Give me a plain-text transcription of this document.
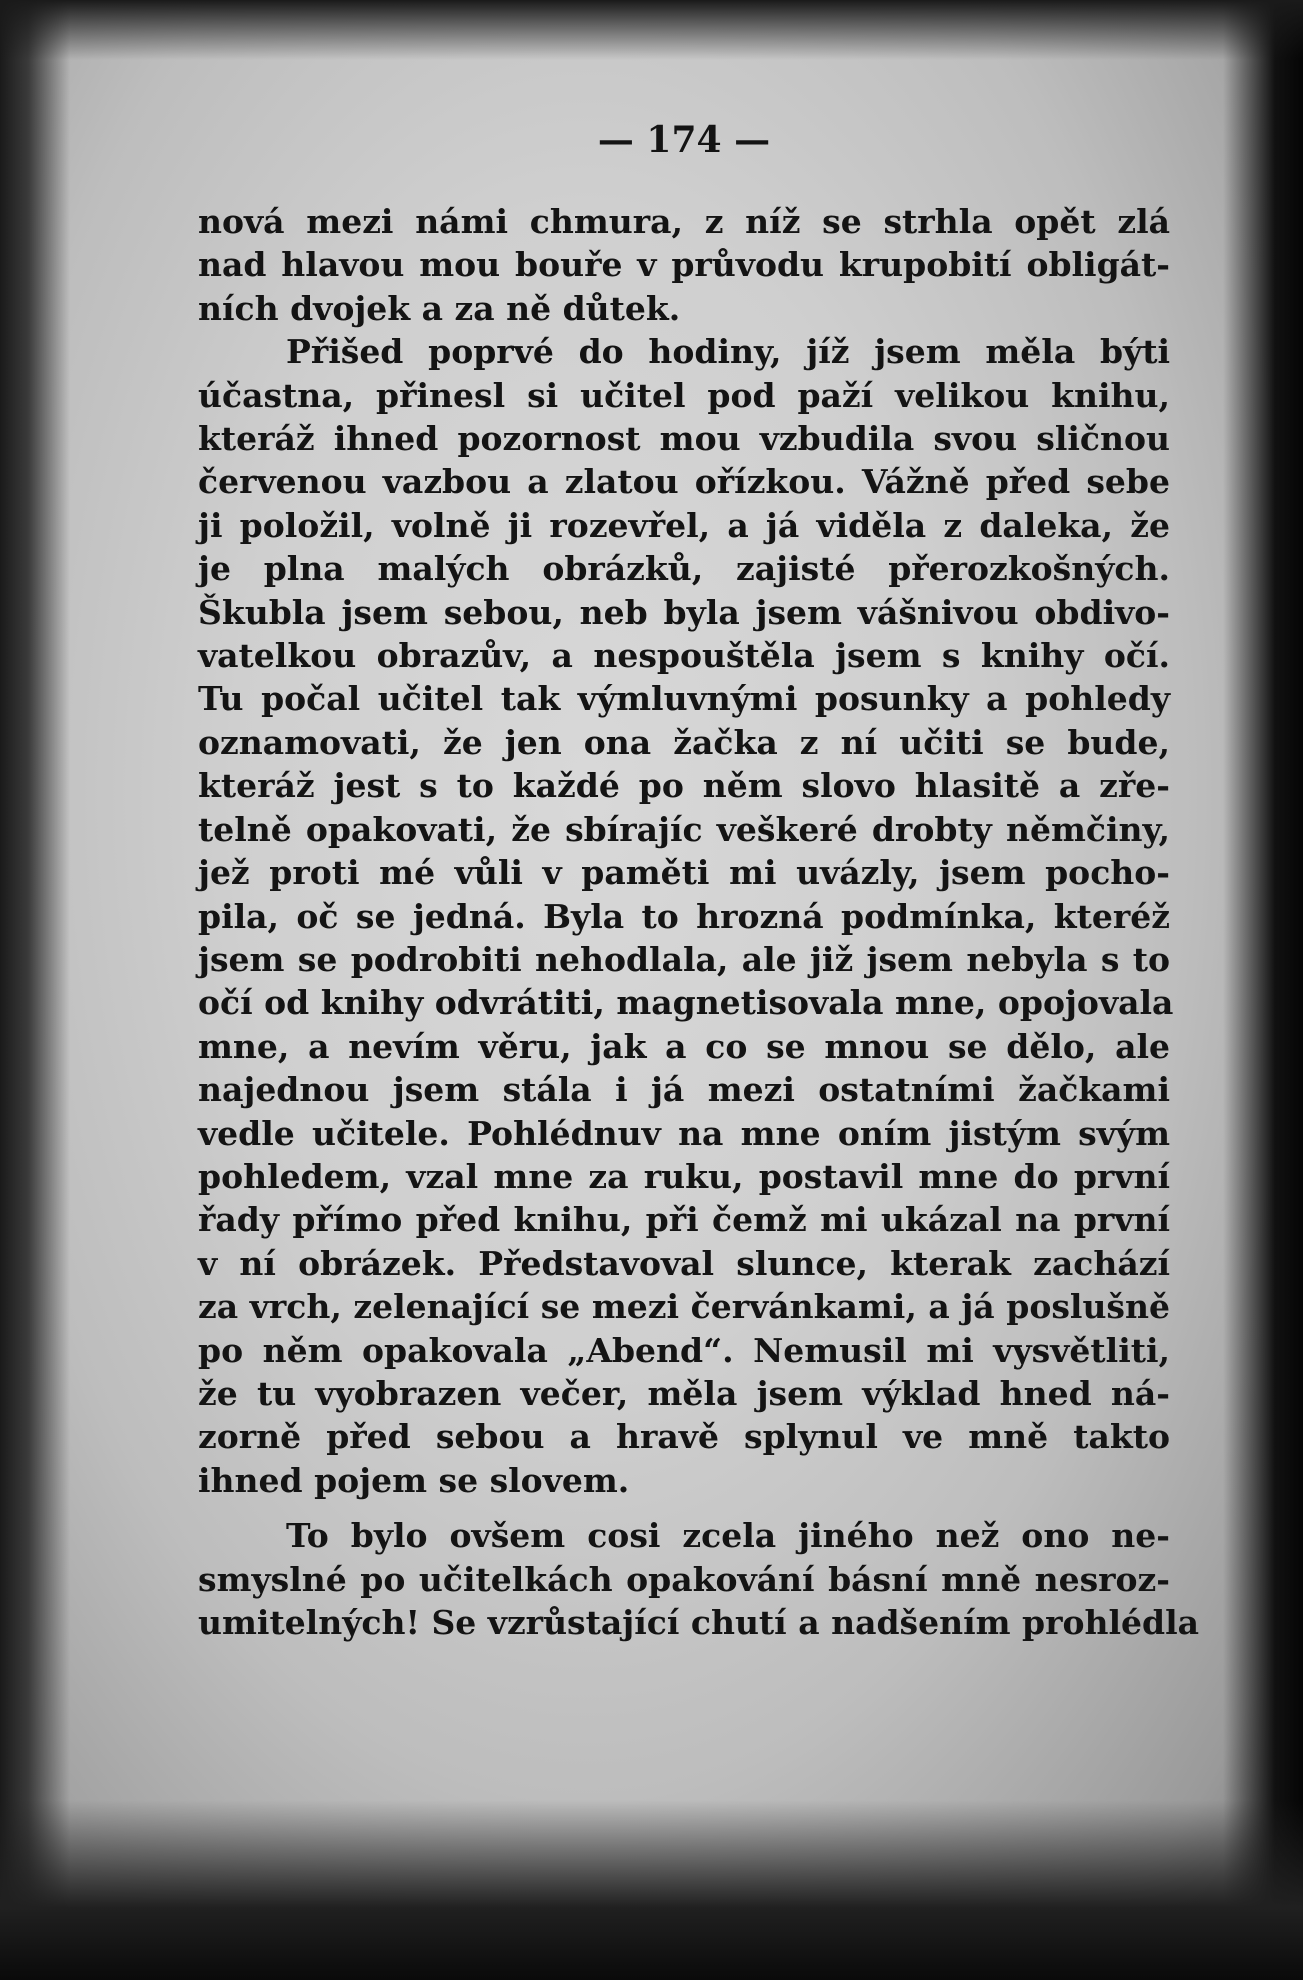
— 174 —
nová mezi námi chmura, z níž se strhla opět zlá
nad hlavou mou bouře v průvodu krupobití obligát-
ních dvojek a za ně důtek.
Přišed poprvé do hodiny, jíž jsem měla býti
účastna, přinesl si učitel pod paží velikou knihu,
kteráž ihned pozornost mou vzbudila svou sličnou
červenou vazbou a zlatou ořízkou. Vážně před sebe
ji položil, volně ji rozevřel, a já viděla z daleka, že
je plna malých obrázků, zajisté přerozkošných.
Škubla jsem sebou, neb byla jsem vášnivou obdivo-
vatelkou obrazův, a nespouštěla jsem s knihy očí.
Tu počal učitel tak výmluvnými posunky a pohledy
oznamovati, že jen ona žačka z ní učiti se bude,
kteráž jest s to každé po něm slovo hlasitě a zře-
telně opakovati, že sbírajíc veškeré drobty němčiny,
jež proti mé vůli v paměti mi uvázly, jsem pocho-
pila, oč se jedná. Byla to hrozná podmínka, kteréž
jsem se podrobiti nehodlala, ale již jsem nebyla s to
očí od knihy odvrátiti, magnetisovala mne, opojovala
mne, a nevím věru, jak a co se mnou se dělo, ale
najednou jsem stála i já mezi ostatními žačkami
vedle učitele. Pohlédnuv na mne oním jistým svým
pohledem, vzal mne za ruku, postavil mne do první
řady přímo před knihu, při čemž mi ukázal na první
v ní obrázek. Představoval slunce, kterak zachází
za vrch, zelenající se mezi červánkami, a já poslušně
po něm opakovala „Abend“. Nemusil mi vysvětliti,
že tu vyobrazen večer, měla jsem výklad hned ná-
zorně před sebou a hravě splynul ve mně takto
ihned pojem se slovem.
To bylo ovšem cosi zcela jiného než ono ne-
smyslné po učitelkách opakování básní mně nesroz-
umitelných! Se vzrůstající chutí a nadšením prohlédla
